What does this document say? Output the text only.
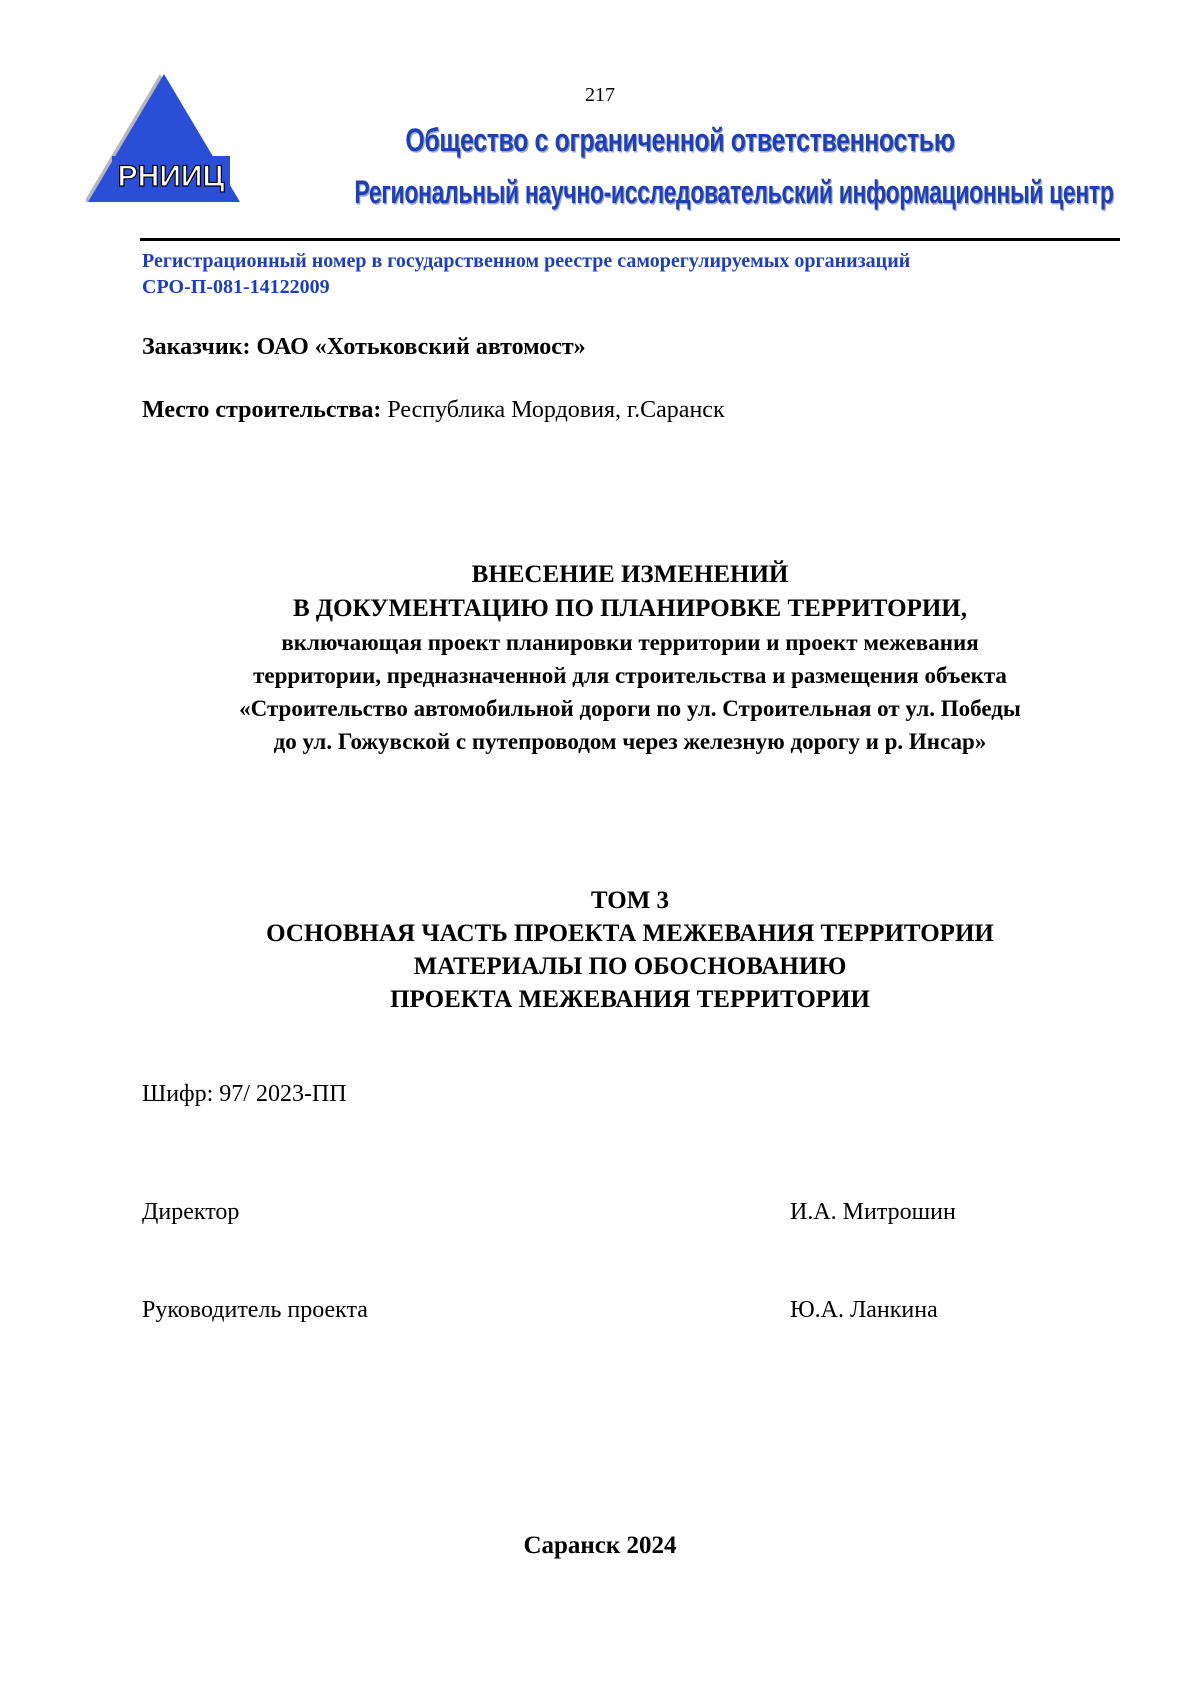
217
РНИИЦ
Общество с ограниченной ответственностью
Региональный научно-исследовательский информационный центр
Регистрационный номер в государственном реестре саморегулируемых организаций
СРО-П-081-14122009
Заказчик: ОАО «Хотьковский автомост»
Место строительства: Республика Мордовия, г.Саранск
ВНЕСЕНИЕ ИЗМЕНЕНИЙ
В ДОКУМЕНТАЦИЮ ПО ПЛАНИРОВКЕ ТЕРРИТОРИИ,
включающая проект планировки территории и проект межевания
территории, предназначенной для строительства и размещения объекта
«Строительство автомобильной дороги по ул. Строительная от ул. Победы
до ул. Гожувской с путепроводом через железную дорогу и р. Инсар»
ТОМ 3
ОСНОВНАЯ ЧАСТЬ ПРОЕКТА МЕЖЕВАНИЯ ТЕРРИТОРИИ
МАТЕРИАЛЫ ПО ОБОСНОВАНИЮ
ПРОЕКТА МЕЖЕВАНИЯ ТЕРРИТОРИИ
Шифр: 97/ 2023-ПП
Директор	И.А. Митрошин
Руководитель проекта	Ю.А. Ланкина
Саранск 2024
